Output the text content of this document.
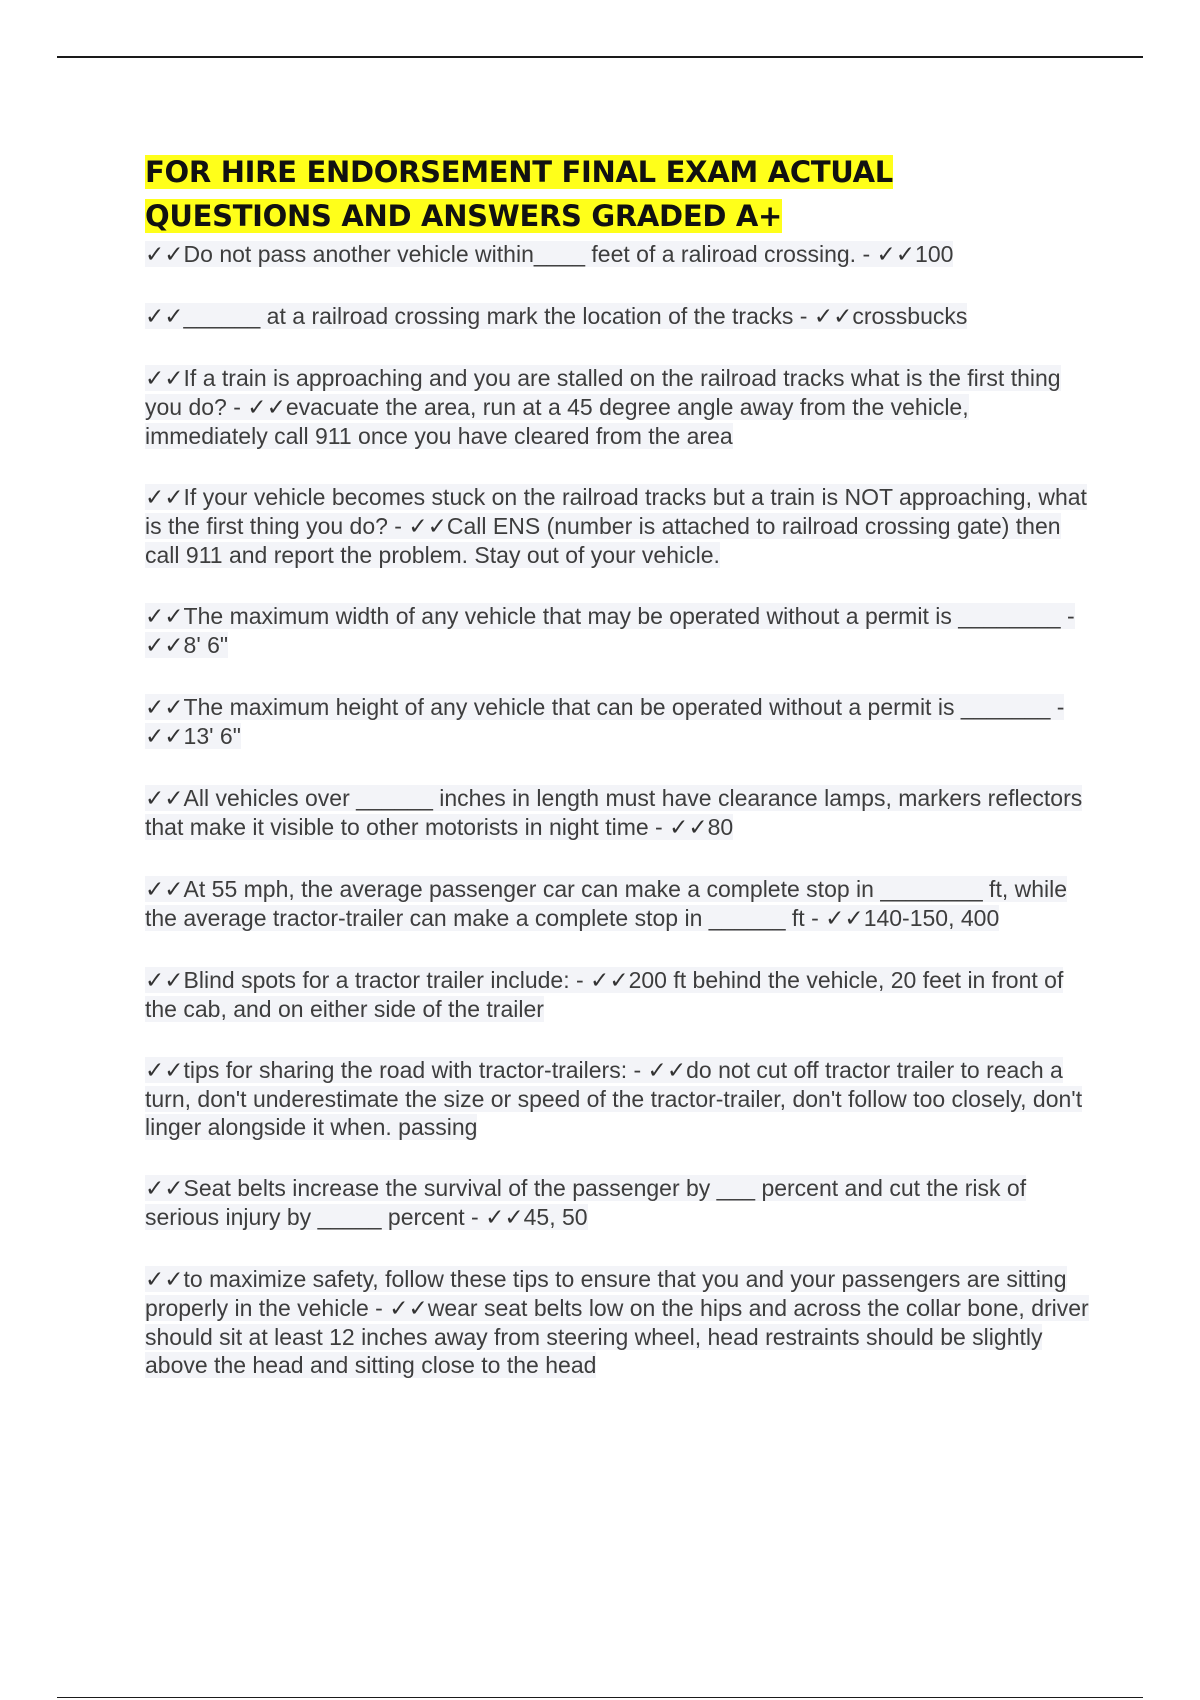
FOR HIRE ENDORSEMENT FINAL EXAM ACTUAL
QUESTIONS AND ANSWERS GRADED A+

✓✓Do not pass another vehicle within____ feet of a raliroad crossing. - ✓✓100

✓✓______ at a railroad crossing mark the location of the tracks - ✓✓crossbucks

✓✓If a train is approaching and you are stalled on the railroad tracks what is the first thing you do? - ✓✓evacuate the area, run at a 45 degree angle away from the vehicle, immediately call 911 once you have cleared from the area

✓✓If your vehicle becomes stuck on the railroad tracks but a train is NOT approaching, what is the first thing you do? - ✓✓Call ENS (number is attached to railroad crossing gate) then call 911 and report the problem. Stay out of your vehicle.

✓✓The maximum width of any vehicle that may be operated without a permit is ________ - ✓✓8' 6"

✓✓The maximum height of any vehicle that can be operated without a permit is _______ - ✓✓13' 6"

✓✓All vehicles over ______ inches in length must have clearance lamps, markers reflectors that make it visible to other motorists in night time - ✓✓80

✓✓At 55 mph, the average passenger car can make a complete stop in ________ ft, while the average tractor-trailer can make a complete stop in ______ ft - ✓✓140-150, 400

✓✓Blind spots for a tractor trailer include: - ✓✓200 ft behind the vehicle, 20 feet in front of the cab, and on either side of the trailer

✓✓tips for sharing the road with tractor-trailers: - ✓✓do not cut off tractor trailer to reach a turn, don't underestimate the size or speed of the tractor-trailer, don't follow too closely, don't linger alongside it when. passing

✓✓Seat belts increase the survival of the passenger by ___ percent and cut the risk of serious injury by _____ percent - ✓✓45, 50

✓✓to maximize safety, follow these tips to ensure that you and your passengers are sitting properly in the vehicle - ✓✓wear seat belts low on the hips and across the collar bone, driver should sit at least 12 inches away from steering wheel, head restraints should be slightly above the head and sitting close to the head
